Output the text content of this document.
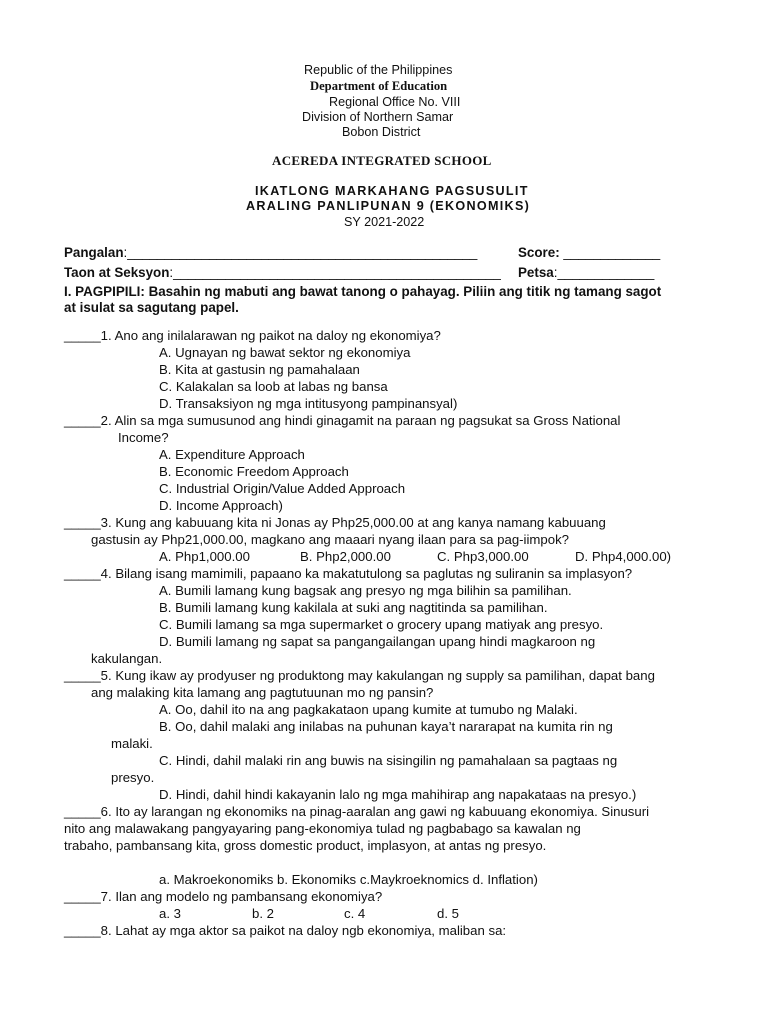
Republic of the Philippines
Department of Education
Regional Office No. VIII
Division of Northern Samar
Bobon District
ACEREDA INTEGRATED SCHOOL
IKATLONG MARKAHANG PAGSUSULIT
ARALING PANLIPUNAN 9 (EKONOMIKS)
SY 2021-2022
Pangalan:_______________________________________________	Score: _____________
Taon at Seksyon:____________________________________________ Petsa:_____________
I. PAGPIPILI: Basahin ng mabuti ang bawat tanong o pahayag. Piliin ang titik ng tamang sagot
at isulat sa sagutang papel.
_____1. Ano ang inilalarawan ng paikot na daloy ng ekonomiya?
A. Ugnayan ng bawat sektor ng ekonomiya
B. Kita at gastusin ng pamahalaan
C. Kalakalan sa loob at labas ng bansa
D. Transaksiyon ng mga intitusyong pampinansyal)
_____2. Alin sa mga sumusunod ang hindi ginagamit na paraan ng pagsukat sa Gross National
Income?
A. Expenditure Approach
B. Economic Freedom Approach
C. Industrial Origin/Value Added Approach
D. Income Approach)
_____3. Kung ang kabuuang kita ni Jonas ay Php25,000.00 at ang kanya namang kabuuang
gastusin ay Php21,000.00, magkano ang maaari nyang ilaan para sa pag-iimpok?
A. Php1,000.00	B. Php2,000.00	C. Php3,000.00	D. Php4,000.00)
_____4. Bilang isang mamimili, papaano ka makatutulong sa paglutas ng suliranin sa implasyon?
A. Bumili lamang kung bagsak ang presyo ng mga bilihin sa pamilihan.
B. Bumili lamang kung kakilala at suki ang nagtitinda sa pamilihan.
C. Bumili lamang sa mga supermarket o grocery upang matiyak ang presyo.
D. Bumili lamang ng sapat sa pangangailangan upang hindi magkaroon ng
kakulangan.
_____5. Kung ikaw ay prodyuser ng produktong may kakulangan ng supply sa pamilihan, dapat bang
ang malaking kita lamang ang pagtutuunan mo ng pansin?
A. Oo, dahil ito na ang pagkakataon upang kumite at tumubo ng Malaki.
B. Oo, dahil malaki ang inilabas na puhunan kaya’t nararapat na kumita rin ng
malaki.
C. Hindi, dahil malaki rin ang buwis na sisingilin ng pamahalaan sa pagtaas ng
presyo.
D. Hindi, dahil hindi kakayanin lalo ng mga mahihirap ang napakataas na presyo.)
_____6. Ito ay larangan ng ekonomiks na pinag-aaralan ang gawi ng kabuuang ekonomiya. Sinusuri
nito ang malawakang pangyayaring pang-ekonomiya tulad ng pagbabago sa kawalan ng
trabaho, pambansang kita, gross domestic product, implasyon, at antas ng presyo.
a. Makroekonomiks b. Ekonomiks c.Maykroeknomics d. Inflation)
_____7. Ilan ang modelo ng pambansang ekonomiya?
a. 3	b. 2	c. 4	d. 5
_____8. Lahat ay mga aktor sa paikot na daloy ngb ekonomiya, maliban sa:
